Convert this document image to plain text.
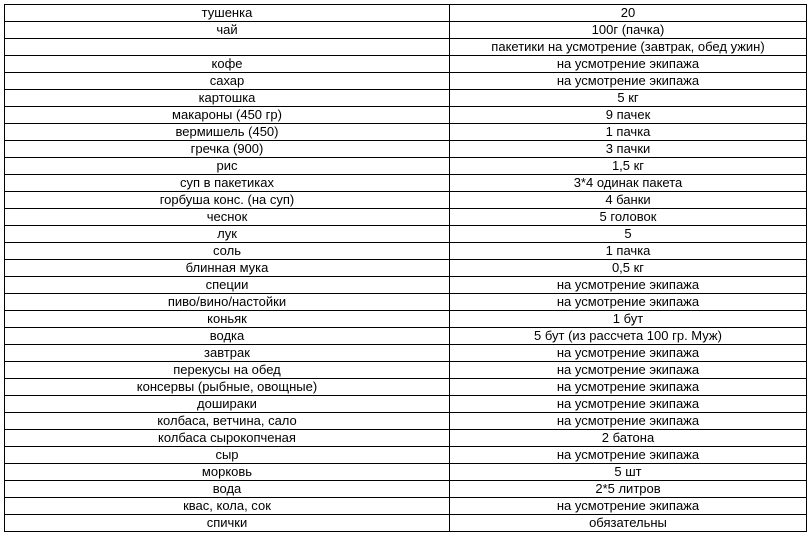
тушенка	20
чай	100г (пачка)
	пакетики на усмотрение (завтрак, обед ужин)
кофе	на усмотрение экипажа
сахар	на усмотрение экипажа
картошка	5 кг
макароны (450 гр)	9 пачек
вермишель (450)	1 пачка
гречка (900)	3 пачки
рис	1,5 кг
суп в пакетиках	3*4 одинак пакета
горбуша конс. (на суп)	4 банки
чеснок	5 головок
лук	5
соль	1 пачка
блинная мука	0,5 кг
специи	на усмотрение экипажа
пиво/вино/настойки	на усмотрение экипажа
коньяк	1 бут
водка	5 бут (из рассчета 100 гр. Муж)
завтрак	на усмотрение экипажа
перекусы на обед	на усмотрение экипажа
консервы (рыбные, овощные)	на усмотрение экипажа
дошираки	на усмотрение экипажа
колбаса, ветчина, сало	на усмотрение экипажа
колбаса сырокопченая	2 батона
сыр	на усмотрение экипажа
морковь	5 шт
вода	2*5 литров
квас, кола, сок	на усмотрение экипажа
спички	обязательны
